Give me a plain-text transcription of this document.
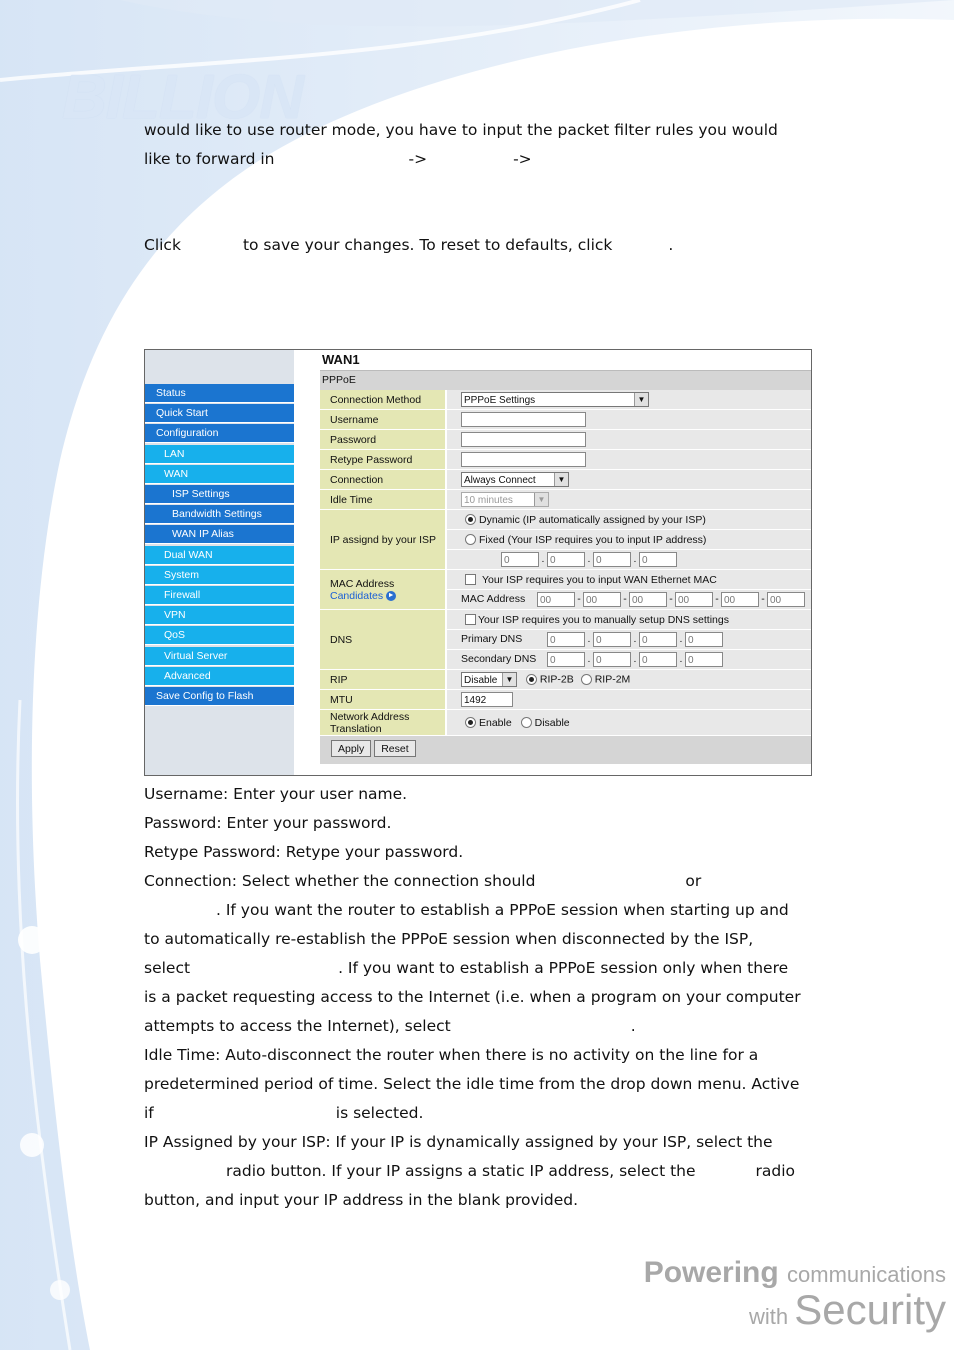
BILLION

would like to use router mode, you have to input the packet filter rules you would

like to forward in	->	->

Click	to save your changes. To reset to defaults, click	.

Status
Quick Start
Configuration
LAN
WAN
ISP Settings
Bandwidth Settings
WAN IP Alias
Dual WAN
System
Firewall
VPN
QoS
Virtual Server
Advanced
Save Config to Flash
WAN1
PPPoE
Connection Method	PPPoE Settings ▼

Username	
Password	
Retype Password	
Connection	Always Connect ▼

Idle Time	10 minutes ▼

IP assignd by your ISP	Dynamic (IP automatically assigned by your ISP)
	Fixed (Your ISP requires you to input IP address)
	0 . 0 . 0 . 0

MAC Address
Candidates ►	Your ISP requires you to input WAN Ethernet MAC
	MAC Address 00 - 00 - 00 - 00 - 00 - 00
DNS	Your ISP requires you to manually setup DNS settings
	Primary DNS 0 . 0 . 0 . 0
	Secondary DNS 0 . 0 . 0 . 0
RIP	Disable ▼ RIP-2B RIP-2M
MTU	1492
Network Address Translation	Enable Disable
Apply Reset

Username: Enter your user name.

Password: Enter your password.

Retype Password: Retype your password.

Connection: Select whether the connection should	or

. If you want the router to establish a PPPoE session when starting up and

to automatically re-establish the PPPoE session when disconnected by the ISP,

select	. If you want to establish a PPPoE session only when there

is a packet requesting access to the Internet (i.e. when a program on your computer

attempts to access the Internet), select	.

Idle Time: Auto-disconnect the router when there is no activity on the line for a

predetermined period of time. Select the idle time from the drop down menu. Active

if	is selected.

IP Assigned by your ISP: If your IP is dynamically assigned by your ISP, select the

radio button. If your IP assigns a static IP address, select the	radio

button, and input your IP address in the blank provided.

Powering communications
with Security
